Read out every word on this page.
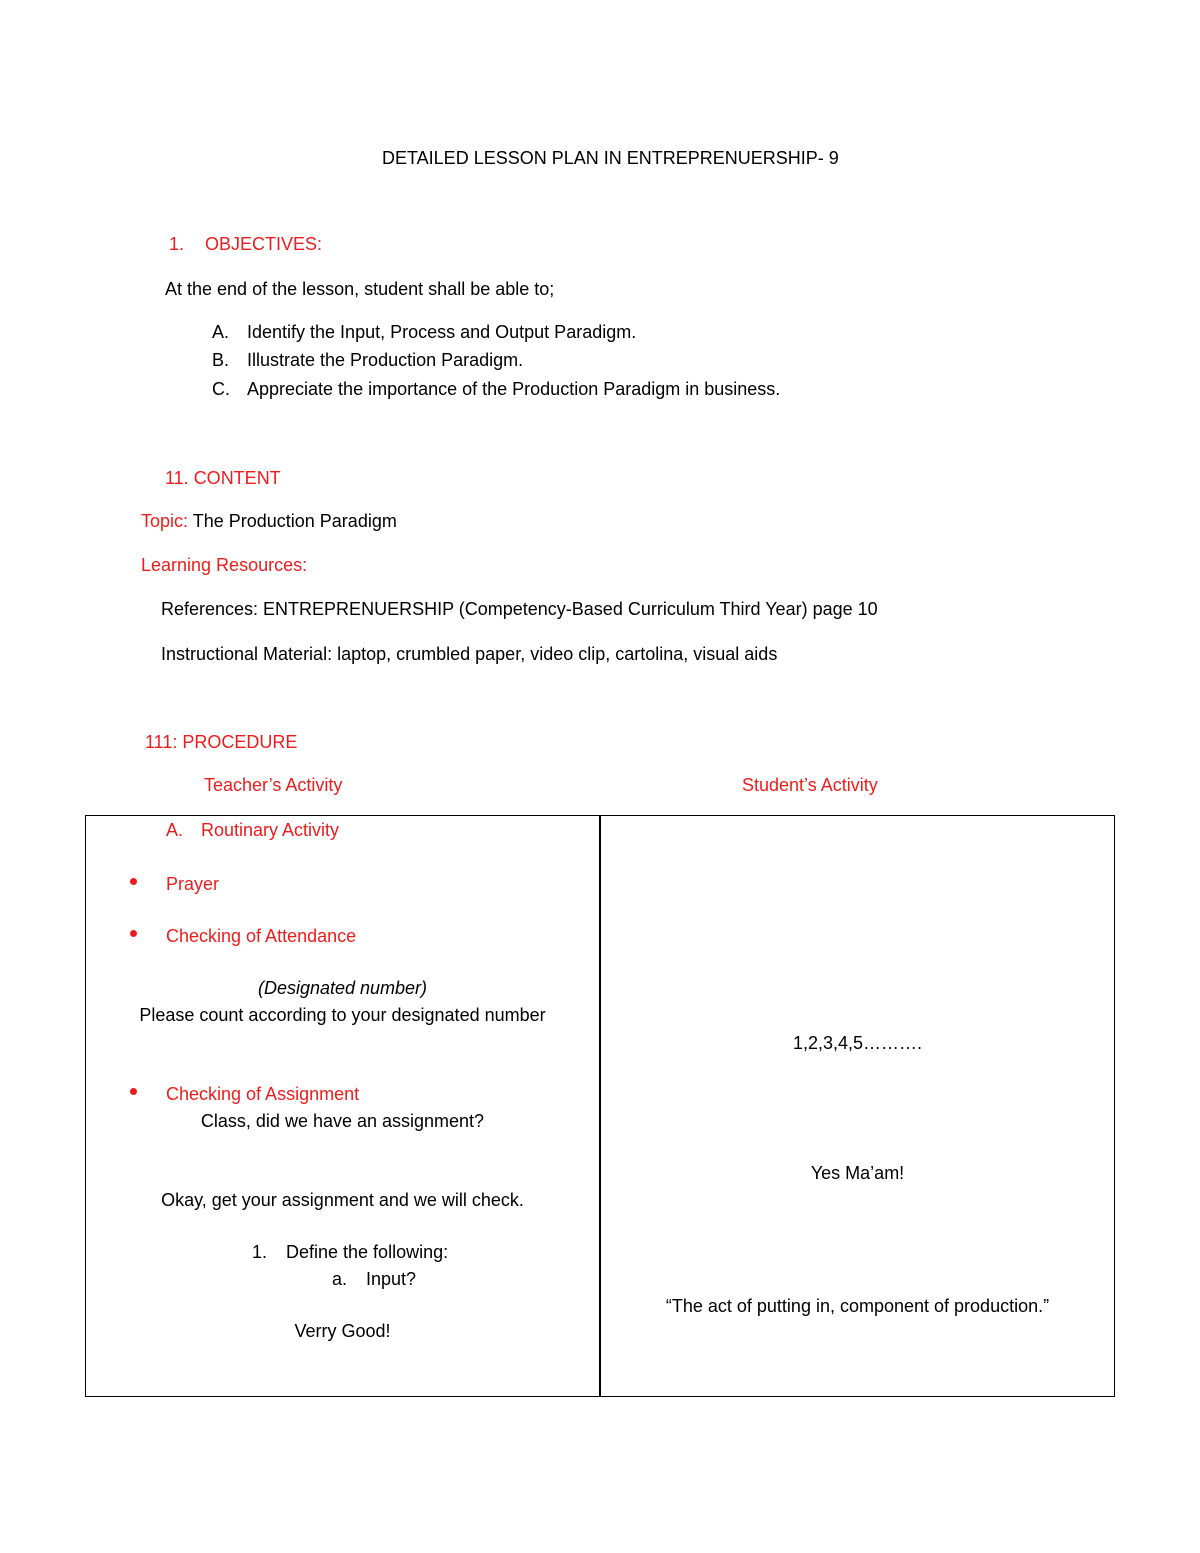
DETAILED LESSON PLAN IN ENTREPRENUERSHIP- 9
1. OBJECTIVES:
At the end of the lesson, student shall be able to;
A. Identify the Input, Process and Output Paradigm.
B. Illustrate the Production Paradigm.
C. Appreciate the importance of the Production Paradigm in business.
11. CONTENT
Topic: The Production Paradigm
Learning Resources:
References: ENTREPRENUERSHIP (Competency-Based Curriculum Third Year) page 10
Instructional Material: laptop, crumbled paper, video clip, cartolina, visual aids
111: PROCEDURE
Teacher’s Activity	Student’s Activity
A. Routinary Activity
Prayer
Checking of Attendance
(Designated number)
Please count according to your designated number
Checking of Assignment
Class, did we have an assignment?
Okay, get your assignment and we will check.
1. Define the following:
a. Input?
Verry Good!
1,2,3,4,5……….
Yes Ma’am!
“The act of putting in, component of production.”
